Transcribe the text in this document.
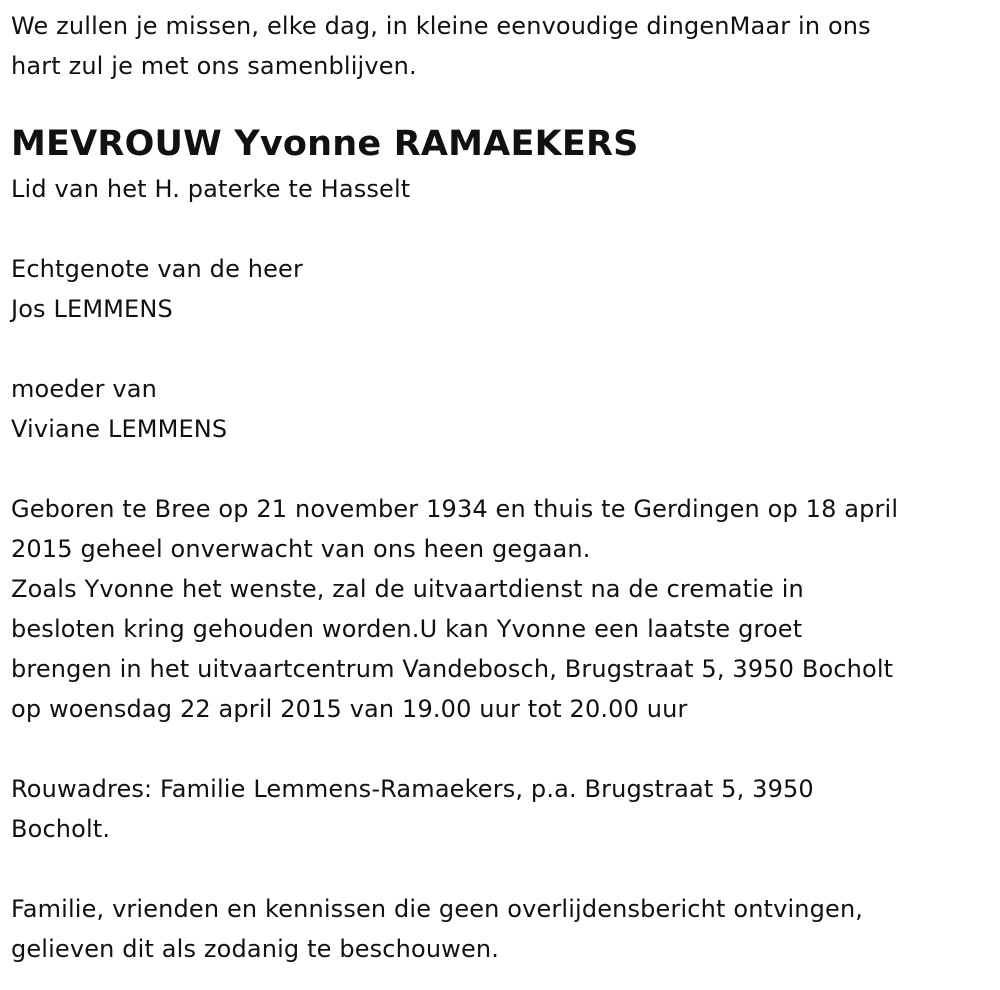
We zullen je missen, elke dag, in kleine eenvoudige dingenMaar in ons
hart zul je met ons samenblijven.
MEVROUW Yvonne RAMAEKERS
Lid van het H. paterke te Hasselt
Echtgenote van de heer
Jos LEMMENS
moeder van
Viviane LEMMENS
Geboren te Bree op 21 november 1934 en thuis te Gerdingen op 18 april
2015 geheel onverwacht van ons heen gegaan.
Zoals Yvonne het wenste, zal de uitvaartdienst na de crematie in
besloten kring gehouden worden.U kan Yvonne een laatste groet
brengen in het uitvaartcentrum Vandebosch, Brugstraat 5, 3950 Bocholt
op woensdag 22 april 2015 van 19.00 uur tot 20.00 uur
Rouwadres: Familie Lemmens-Ramaekers, p.a. Brugstraat 5, 3950
Bocholt.
Familie, vrienden en kennissen die geen overlijdensbericht ontvingen,
gelieven dit als zodanig te beschouwen.
